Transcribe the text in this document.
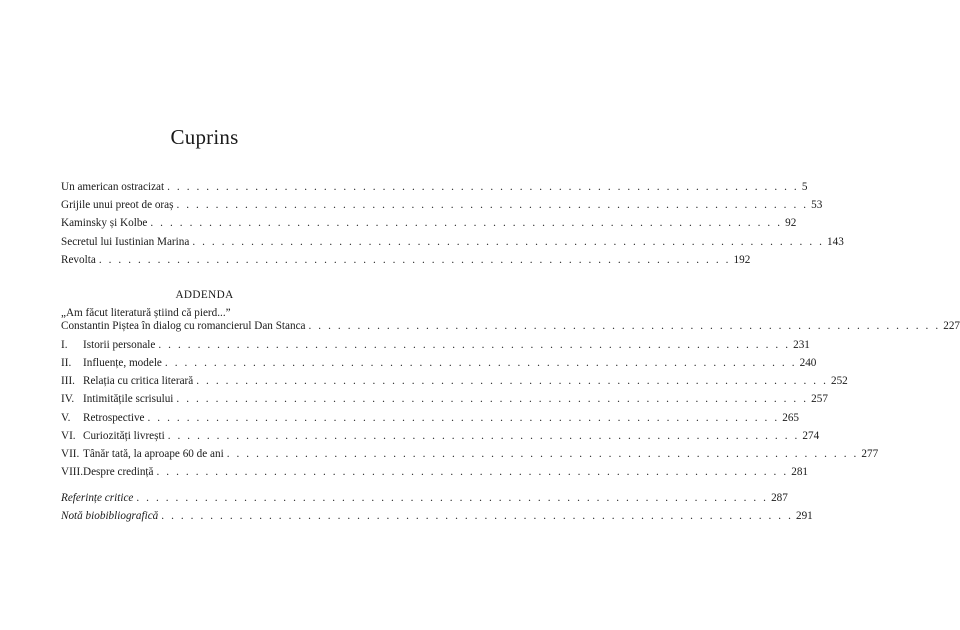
Cuprins
Un american ostracizat . . . . . . . . . . . . . . . . . . . . . . . . . . . . . . . . . . . . . . . . . . . . . . . . . . . . . . . . . . . . . . . . . 5
Grijile unui preot de oraș . . . . . . . . . . . . . . . . . . . . . . . . . . . . . . . . . . . . . . . . . . . . . . . . . . . . . . . . . . . . . . . . . 53
Kaminsky și Kolbe . . . . . . . . . . . . . . . . . . . . . . . . . . . . . . . . . . . . . . . . . . . . . . . . . . . . . . . . . . . . . . . . . 92
Secretul lui Iustinian Marina . . . . . . . . . . . . . . . . . . . . . . . . . . . . . . . . . . . . . . . . . . . . . . . . . . . . . . . . . . . . . . . . . 143
Revolta . . . . . . . . . . . . . . . . . . . . . . . . . . . . . . . . . . . . . . . . . . . . . . . . . . . . . . . . . . . . . . . . . 192
ADDENDA
„Am făcut literatură știind că pierd...”
Constantin Piștea în dialog cu romancierul Dan Stanca . . . . . . . . . . . . . . . . . . . . . . . . . . . . . . . . . . . . . . . . . . . . . . . . . . . . . . . . . . . . . . . . . 227
I.	Istorii personale . . . . . . . . . . . . . . . . . . . . . . . . . . . . . . . . . . . . . . . . . . . . . . . . . . . . . . . . . . . . . . . . . 231
II.	Influențe, modele . . . . . . . . . . . . . . . . . . . . . . . . . . . . . . . . . . . . . . . . . . . . . . . . . . . . . . . . . . . . . . . . . 240
III. Relația cu critica literară . . . . . . . . . . . . . . . . . . . . . . . . . . . . . . . . . . . . . . . . . . . . . . . . . . . . . . . . . . . . . . . . . 252
IV. Intimitățile scrisului . . . . . . . . . . . . . . . . . . . . . . . . . . . . . . . . . . . . . . . . . . . . . . . . . . . . . . . . . . . . . . . . . 257
V.	Retrospective . . . . . . . . . . . . . . . . . . . . . . . . . . . . . . . . . . . . . . . . . . . . . . . . . . . . . . . . . . . . . . . . . 265
VI. Curiozități livrești . . . . . . . . . . . . . . . . . . . . . . . . . . . . . . . . . . . . . . . . . . . . . . . . . . . . . . . . . . . . . . . . . 274
VII. Tânăr tată, la aproape 60 de ani . . . . . . . . . . . . . . . . . . . . . . . . . . . . . . . . . . . . . . . . . . . . . . . . . . . . . . . . . . . . . . . . . 277
VIII. Despre credință . . . . . . . . . . . . . . . . . . . . . . . . . . . . . . . . . . . . . . . . . . . . . . . . . . . . . . . . . . . . . . . . . 281
Referințe critice . . . . . . . . . . . . . . . . . . . . . . . . . . . . . . . . . . . . . . . . . . . . . . . . . . . . . . . . . . . . . . . . . 287
Notă biobibliografică . . . . . . . . . . . . . . . . . . . . . . . . . . . . . . . . . . . . . . . . . . . . . . . . . . . . . . . . . . . . . . . . . 291
